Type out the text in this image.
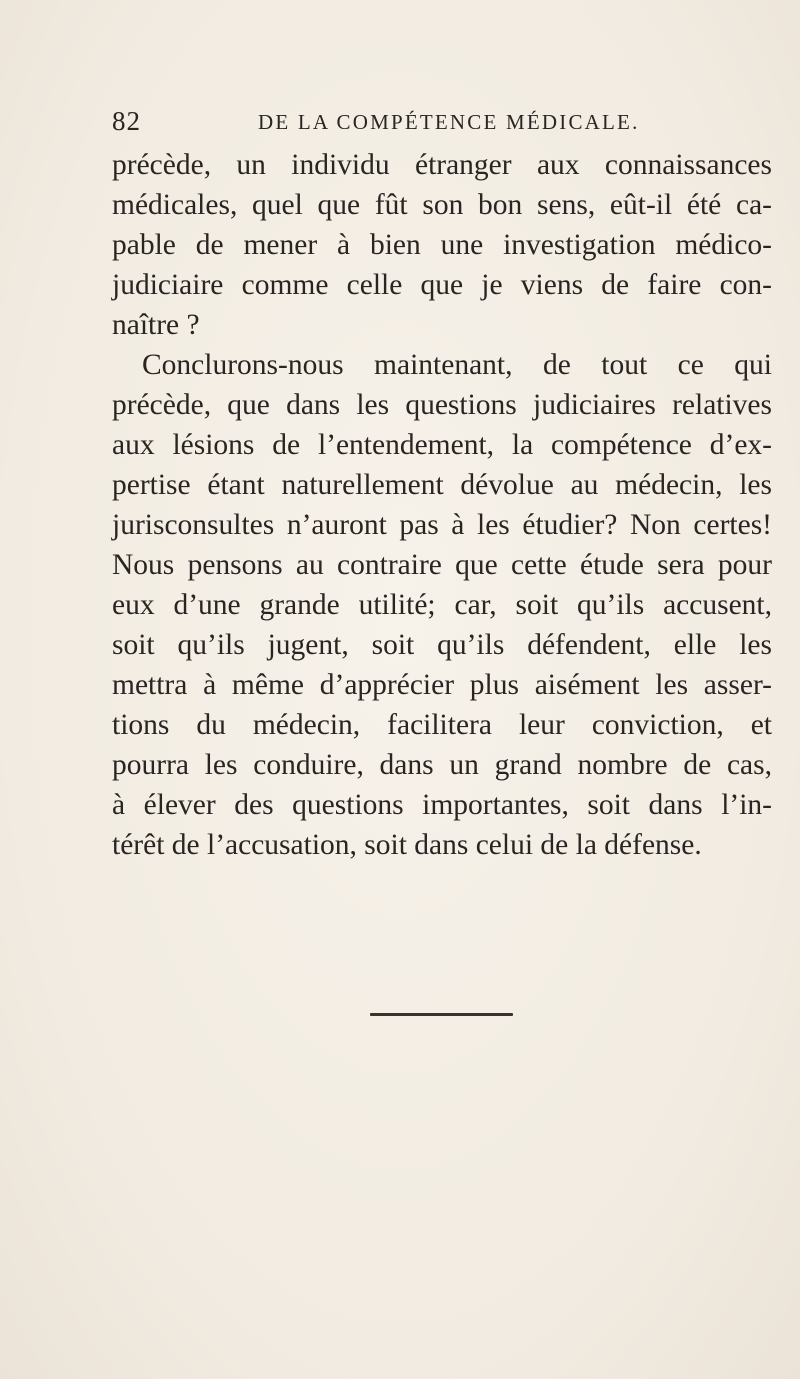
82	DE LA COMPÉTENCE MÉDICALE.
précède, un individu étranger aux connaissances
médicales, quel que fût son bon sens, eût-il été ca-
pable de mener à bien une investigation médico-
judiciaire comme celle que je viens de faire con-
naître ?
Conclurons-nous maintenant, de tout ce qui
précède, que dans les questions judiciaires relatives
aux lésions de l’entendement, la compétence d’ex-
pertise étant naturellement dévolue au médecin, les
jurisconsultes n’auront pas à les étudier? Non certes!
Nous pensons au contraire que cette étude sera pour
eux d’une grande utilité; car, soit qu’ils accusent,
soit qu’ils jugent, soit qu’ils défendent, elle les
mettra à même d’apprécier plus aisément les asser-
tions du médecin, facilitera leur conviction, et
pourra les conduire, dans un grand nombre de cas,
à élever des questions importantes, soit dans l’in-
térêt de l’accusation, soit dans celui de la défense.
